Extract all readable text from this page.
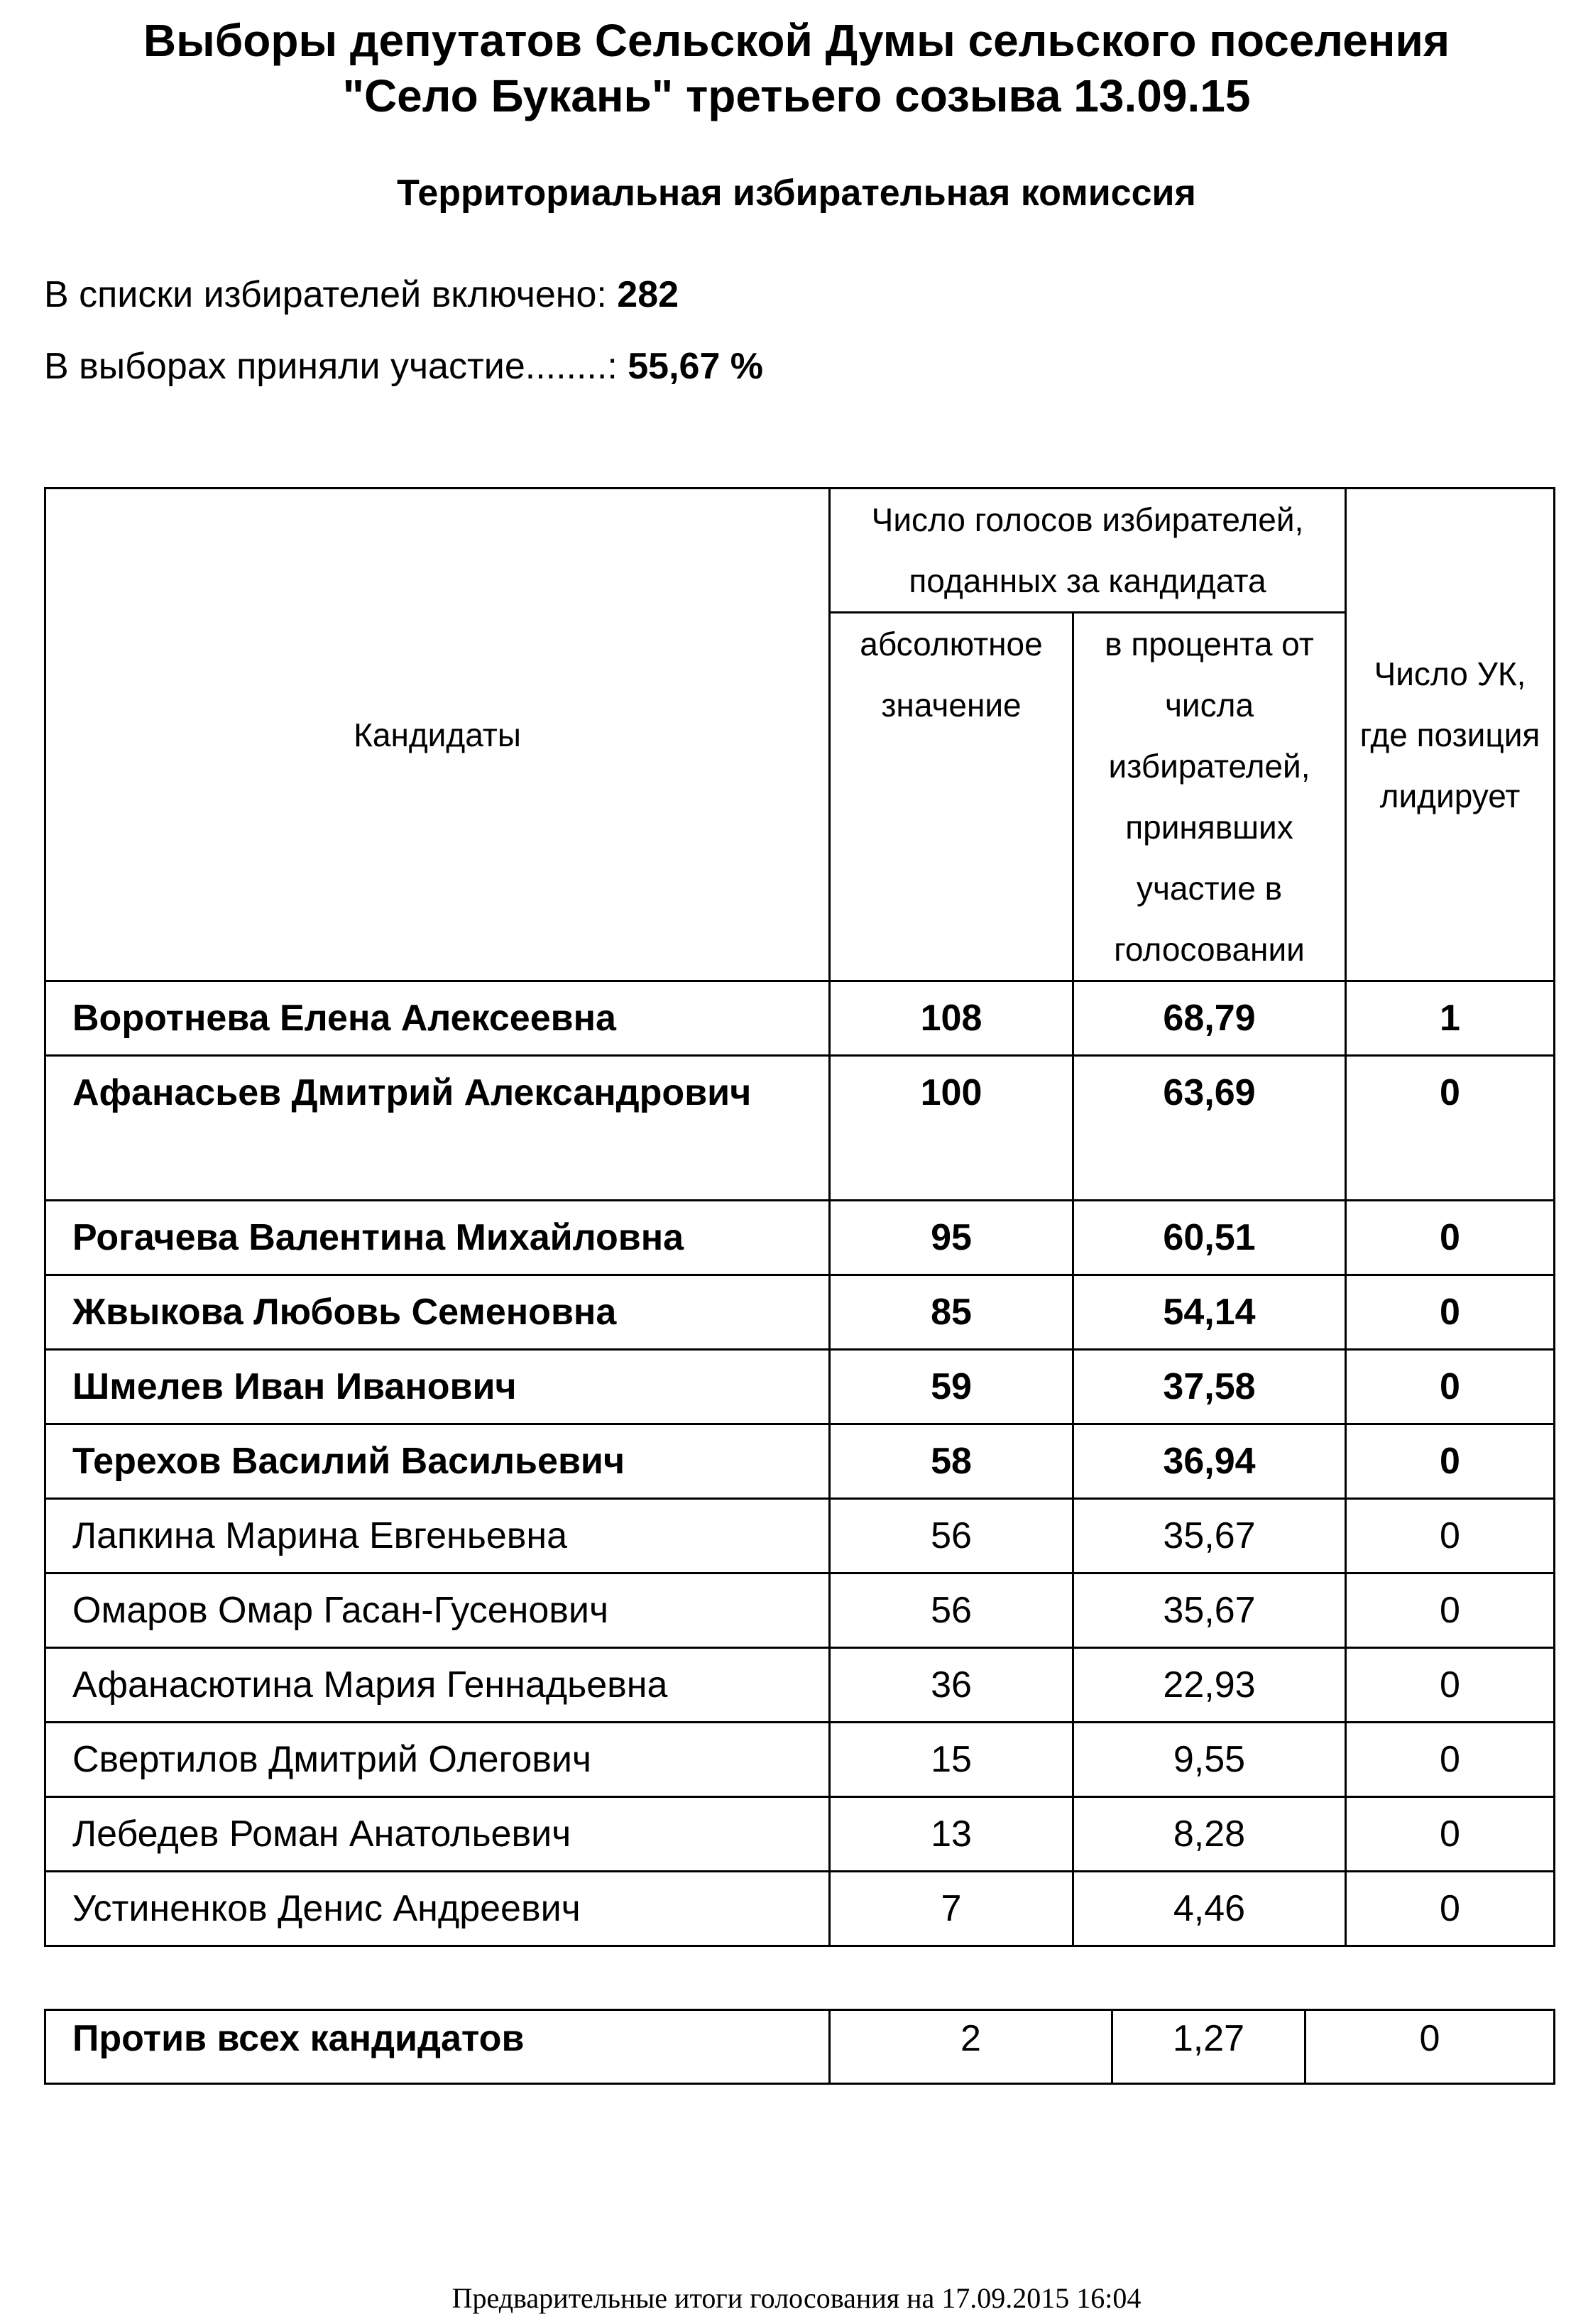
Выборы депутатов Сельской Думы сельского поселения
"Село Букань" третьего созыва 13.09.15
Территориальная избирательная комиссия
В списки избирателей включено: 282
В выборах приняли участие........: 55,67 %
Кандидаты	Число голосов избирателей, поданных за кандидата		Число УК, где позиция лидирует
	абсолютное значение	в процента от числа избирателей, принявших участие в голосовании	
Воротнева Елена Алексеевна	108	68,79	1
Афанасьев Дмитрий Александрович	100	63,69	0
Рогачева Валентина Михайловна	95	60,51	0
Жвыкова Любовь Семеновна	85	54,14	0
Шмелев Иван Иванович	59	37,58	0
Терехов Василий Васильевич	58	36,94	0
Лапкина Марина Евгеньевна	56	35,67	0
Омаров Омар Гасан-Гусенович	56	35,67	0
Афанасютина Мария Геннадьевна	36	22,93	0
Свертилов Дмитрий Олегович	15	9,55	0
Лебедев Роман Анатольевич	13	8,28	0
Устиненков Денис Андреевич	7	4,46	0
Против всех кандидатов	2	1,27	0
Предварительные итоги голосования на 17.09.2015 16:04
